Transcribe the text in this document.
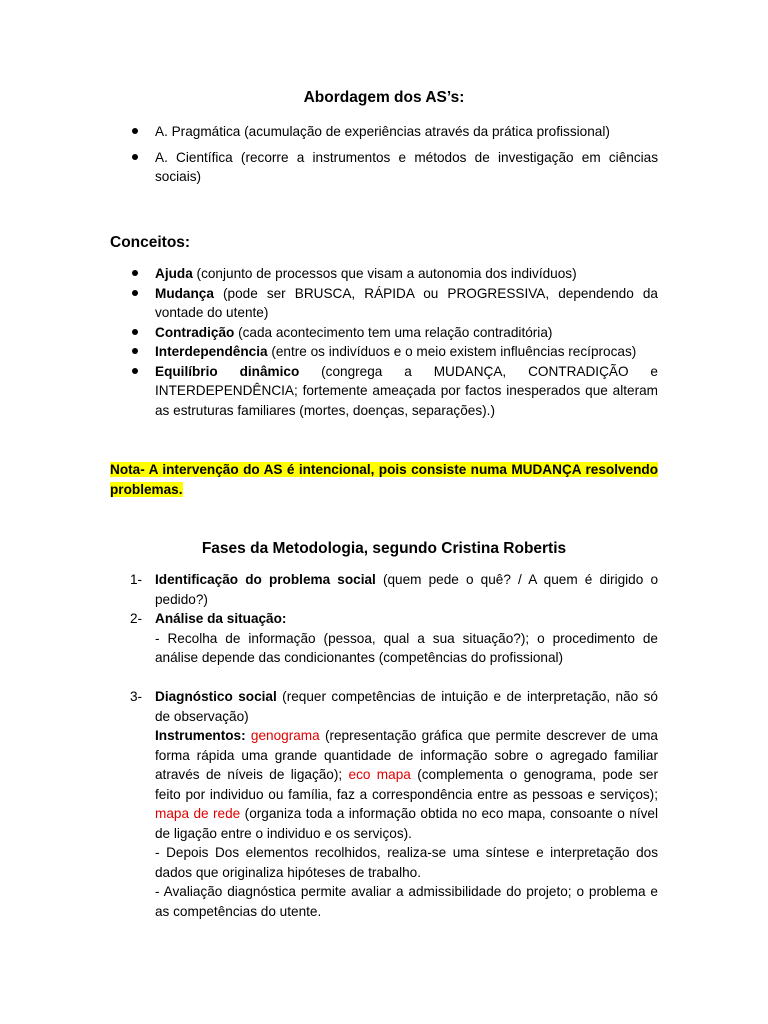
Abordagem dos AS’s:
A. Pragmática (acumulação de experiências através da prática profissional)
A. Científica (recorre a instrumentos e métodos de investigação em ciências sociais)
Conceitos:
Ajuda (conjunto de processos que visam a autonomia dos indivíduos)
Mudança (pode ser BRUSCA, RÁPIDA ou PROGRESSIVA, dependendo da vontade do utente)
Contradição (cada acontecimento tem uma relação contraditória)
Interdependência (entre os indivíduos e o meio existem influências recíprocas)
Equilíbrio dinâmico (congrega a MUDANÇA, CONTRADIÇÃO e INTERDEPENDÊNCIA; fortemente ameaçada por factos inesperados que alteram as estruturas familiares (mortes, doenças, separações).)
Nota- A intervenção do AS é intencional, pois consiste numa MUDANÇA resolvendo problemas.
Fases da Metodologia, segundo Cristina Robertis
1- Identificação do problema social (quem pede o quê? / A quem é dirigido o pedido?)
2- Análise da situação:
- Recolha de informação (pessoa, qual a sua situação?); o procedimento de análise depende das condicionantes (competências do profissional)
3- Diagnóstico social (requer competências de intuição e de interpretação, não só de observação)
Instrumentos: genograma (representação gráfica que permite descrever de uma forma rápida uma grande quantidade de informação sobre o agregado familiar através de níveis de ligação); eco mapa (complementa o genograma, pode ser feito por individuo ou família, faz a correspondência entre as pessoas e serviços); mapa de rede (organiza toda a informação obtida no eco mapa, consoante o nível de ligação entre o individuo e os serviços).
- Depois Dos elementos recolhidos, realiza-se uma síntese e interpretação dos dados que originaliza hipóteses de trabalho.
- Avaliação diagnóstica permite avaliar a admissibilidade do projeto; o problema e as competências do utente.
